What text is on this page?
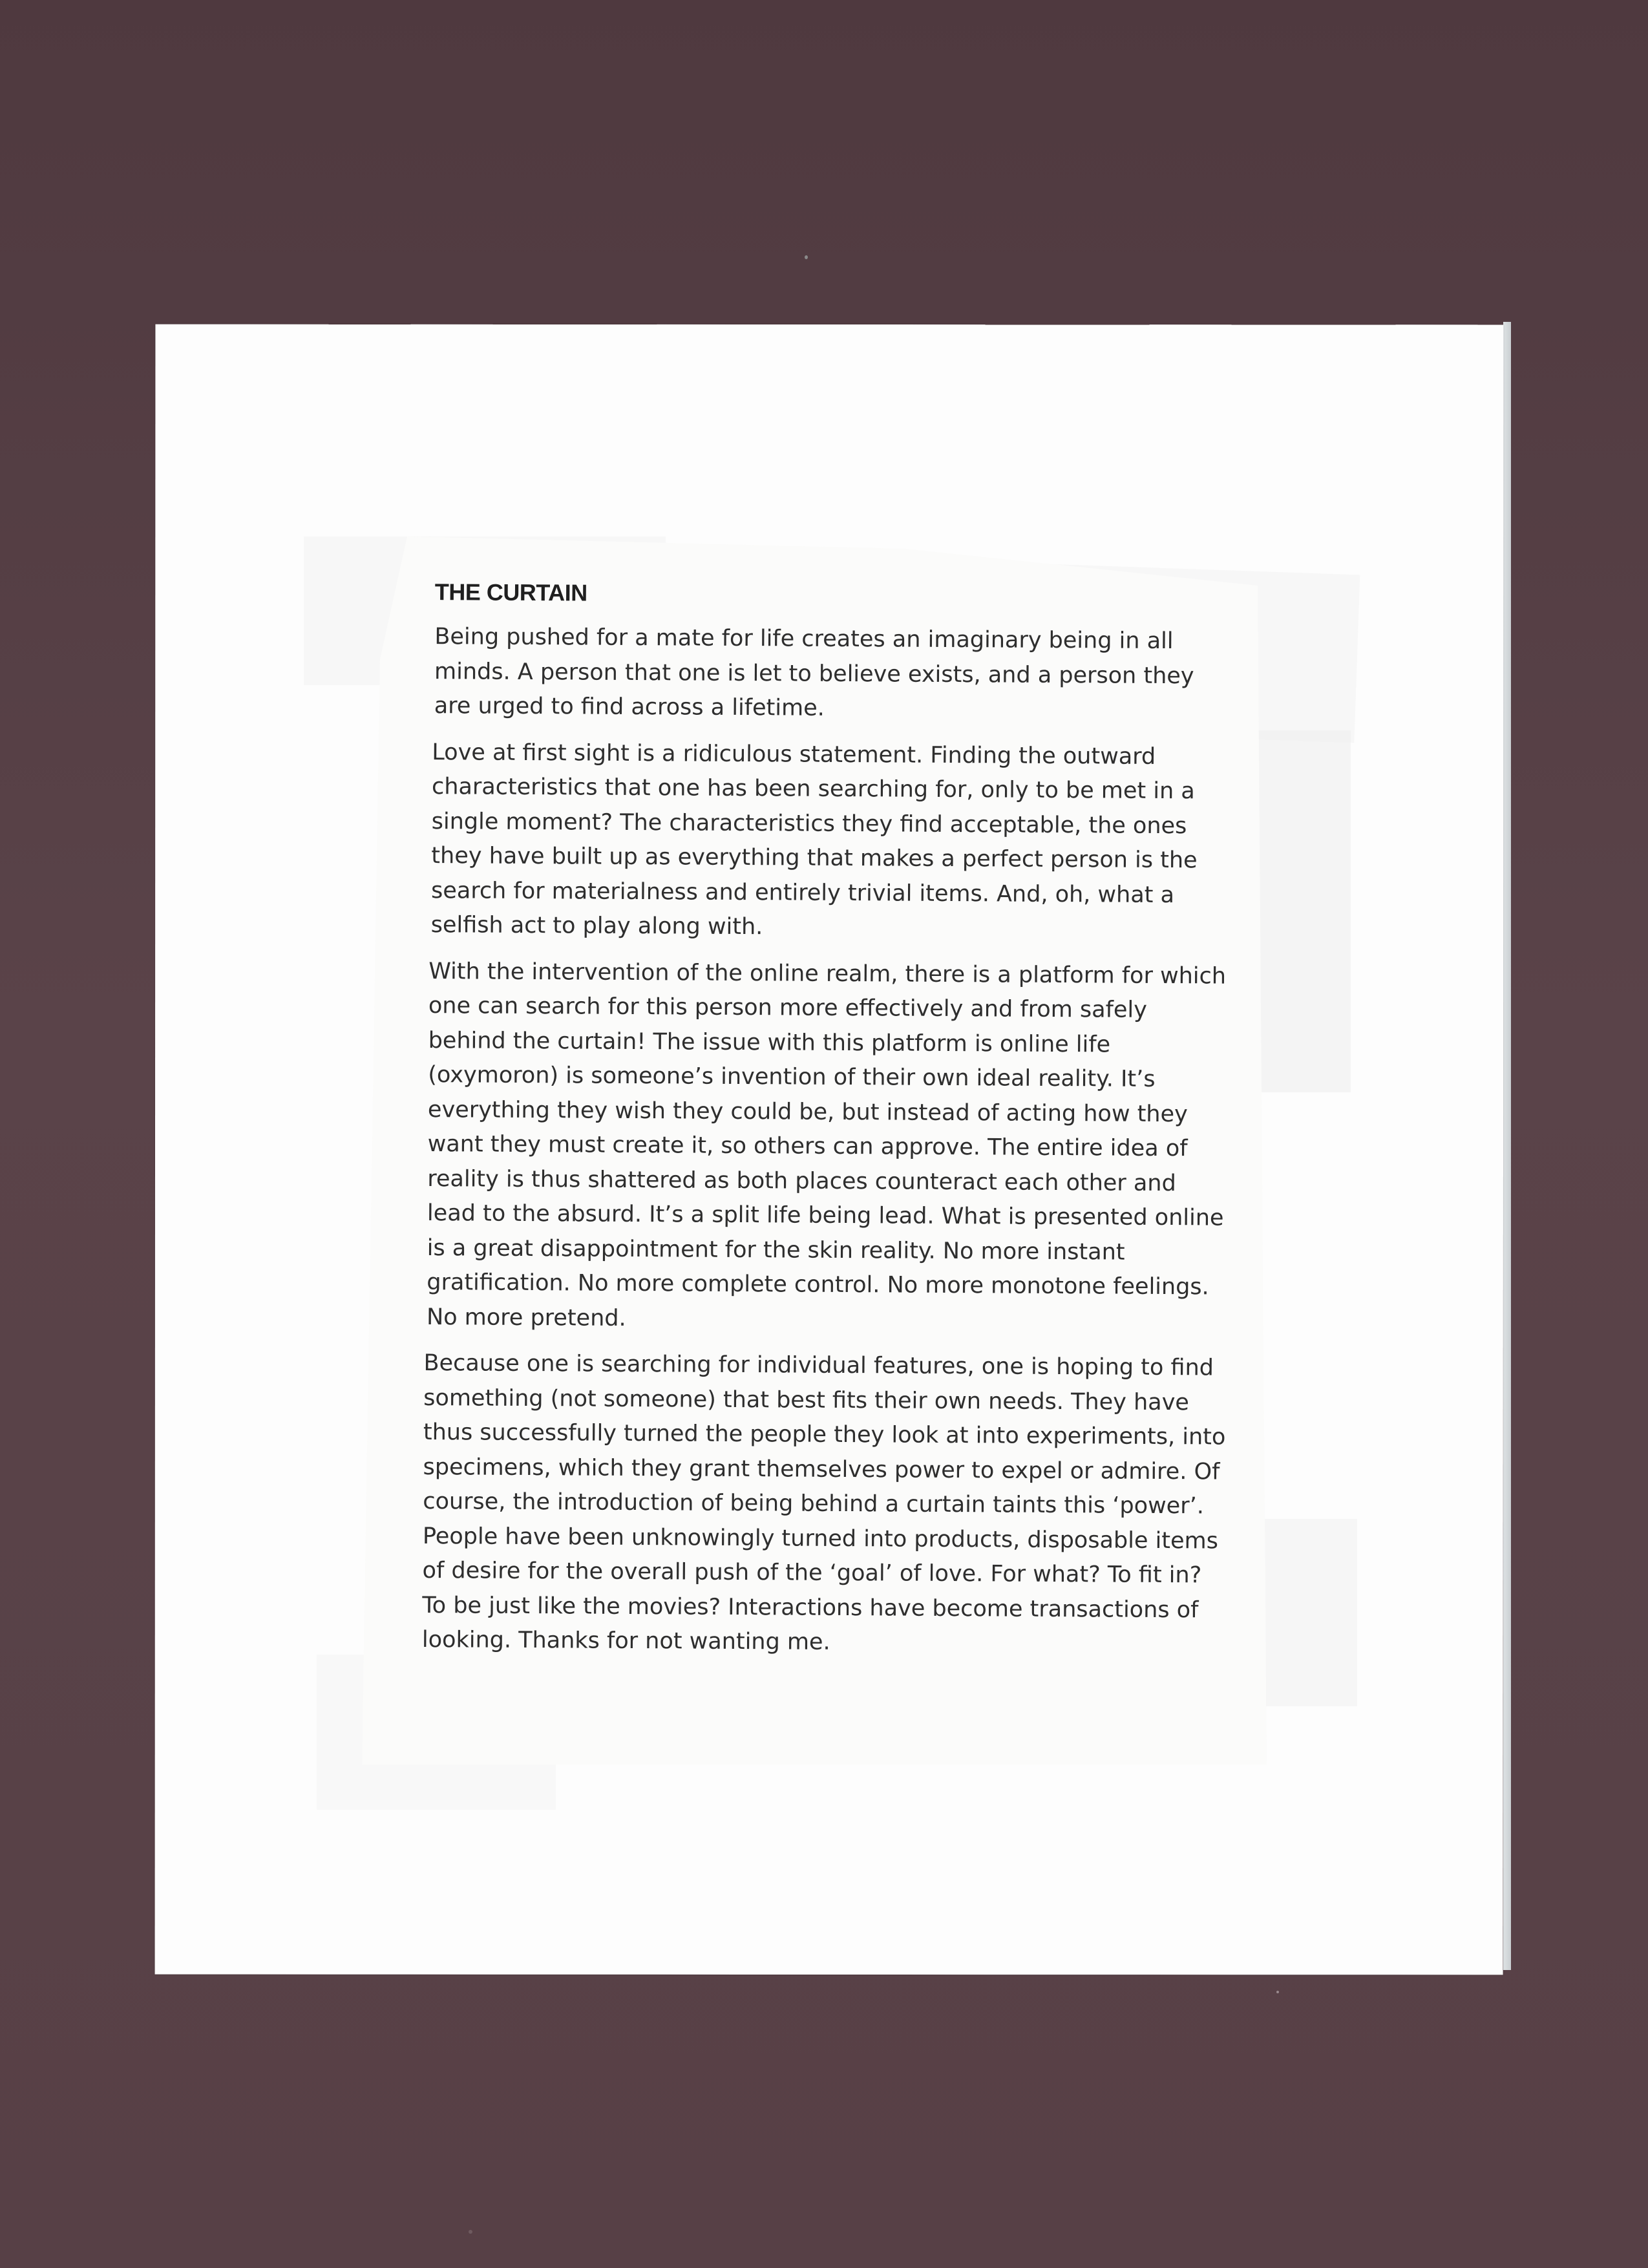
THE CURTAIN

Being pushed for a mate for life creates an imaginary being in all minds. A person that one is let to believe exists, and a person they are urged to find across a lifetime.

Love at first sight is a ridiculous statement. Finding the outward characteristics that one has been searching for, only to be met in a single moment? The characteristics they find acceptable, the ones they have built up as everything that makes a perfect person is the search for materialness and entirely trivial items. And, oh, what a selfish act to play along with.

With the intervention of the online realm, there is a platform for which one can search for this person more effectively and from safely behind the curtain! The issue with this platform is online life (oxymoron) is someone’s invention of their own ideal reality. It’s everything they wish they could be, but instead of acting how they want they must create it, so others can approve. The entire idea of reality is thus shattered as both places counteract each other and lead to the absurd. It’s a split life being lead. What is presented online is a great disappointment for the skin reality. No more instant gratification. No more complete control. No more monotone feelings. No more pretend.

Because one is searching for individual features, one is hoping to find something (not someone) that best fits their own needs. They have thus successfully turned the people they look at into experiments, into specimens, which they grant themselves power to expel or admire. Of course, the introduction of being behind a curtain taints this ‘power’. People have been unknowingly turned into products, disposable items of desire for the overall push of the ‘goal’ of love. For what? To fit in? To be just like the movies? Interactions have become transactions of looking. Thanks for not wanting me.
